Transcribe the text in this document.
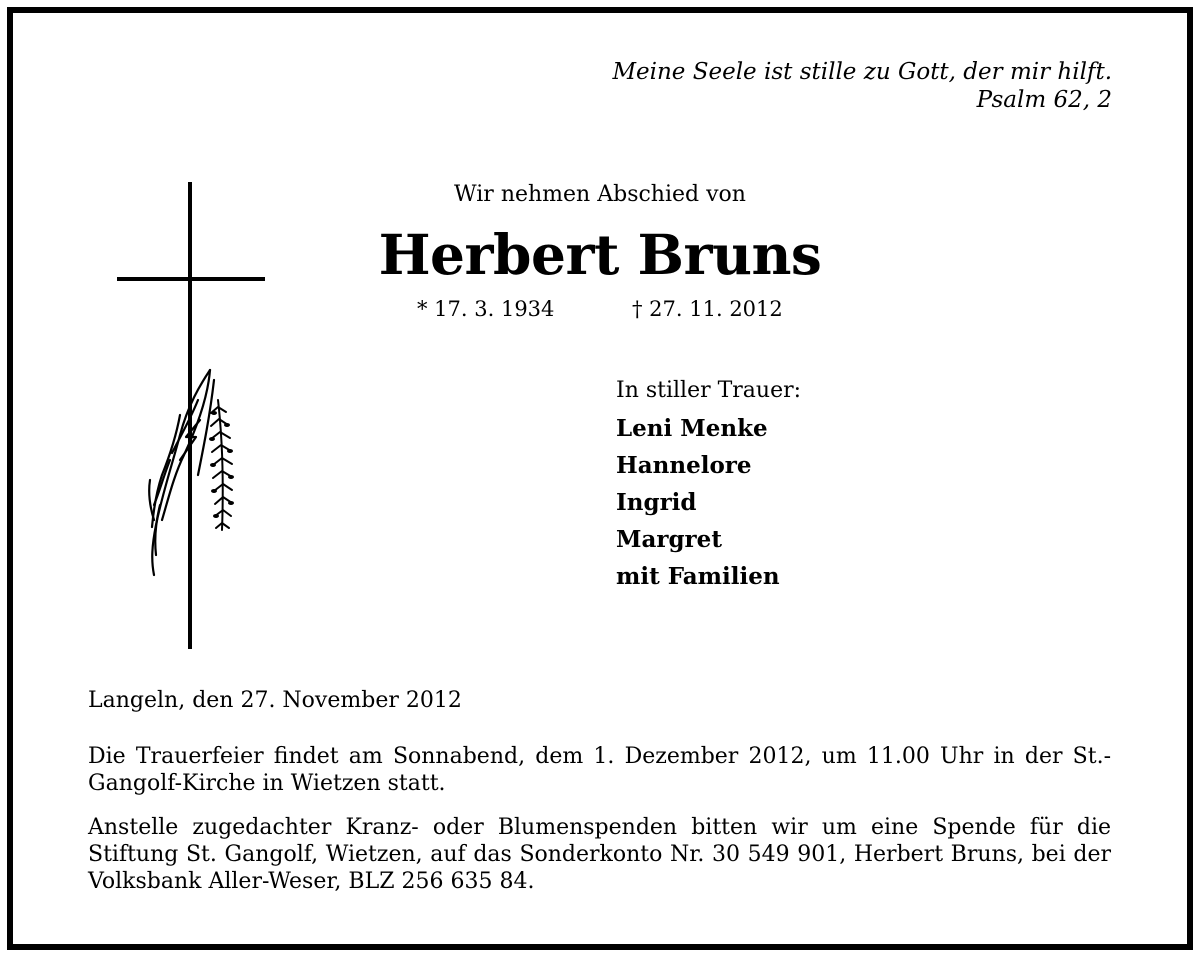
Meine Seele ist stille zu Gott, der mir hilft.
Psalm 62, 2
Wir nehmen Abschied von
Herbert Bruns
* 17. 3. 1934	† 27. 11. 2012
In stiller Trauer:
Leni Menke
Hannelore
Ingrid
Margret
mit Familien
Langeln, den 27. November 2012
Die Trauerfeier findet am Sonnabend, dem 1. Dezember 2012, um 11.00 Uhr in der St.-Gangolf-Kirche in Wietzen statt.
Anstelle zugedachter Kranz- oder Blumenspenden bitten wir um eine Spende für die Stiftung St. Gangolf, Wietzen, auf das Sonderkonto Nr. 30 549 901, Herbert Bruns, bei der Volksbank Aller-Weser, BLZ 256 635 84.
